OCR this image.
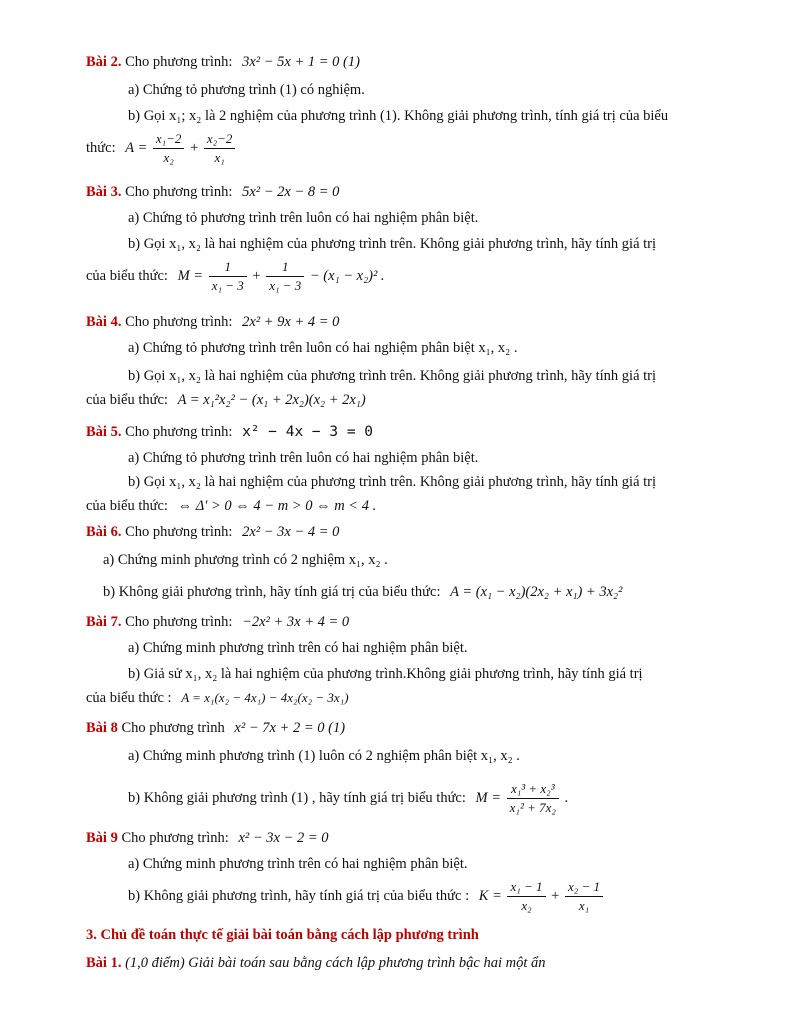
Bài 2. Cho phương trình: 3x² − 5x + 1 = 0 (1)
a) Chứng tỏ phương trình (1) có nghiệm.
b) Gọi x₁; x₂ là 2 nghiệm của phương trình (1). Không giải phương trình, tính giá trị của biểu
thức: $A = \frac{\text{x₁−2}}{\text{x₂}} + \frac{\text{x₂−2}}{\text{x₁}}$
Bài 3. Cho phương trình: 5x² − 2x − 8 = 0
a) Chứng tỏ phương trình trên luôn có hai nghiệm phân biệt.
b) Gọi x₁, x₂ là hai nghiệm của phương trình trên. Không giải phương trình, hãy tính giá trị
của biểu thức: $M = \frac{1}{\text{x₁ − 3}} + \frac{1}{\text{x₁ − 3}} - (x_1 - x_2)^2$ .
Bài 4. Cho phương trình: 2x² + 9x + 4 = 0
a) Chứng tỏ phương trình trên luôn có hai nghiệm phân biệt x₁, x₂ .
b) Gọi x₁, x₂ là hai nghiệm của phương trình trên. Không giải phương trình, hãy tính giá trị
của biểu thức: A = x₁²x₂² − (x₁ + 2x₂)(x₂ + 2x₁)
Bài 5. Cho phương trình: x² − 4x − 3 = 0
a) Chứng tỏ phương trình trên luôn có hai nghiệm phân biệt.
b) Gọi x₁, x₂ là hai nghiệm của phương trình trên. Không giải phương trình, hãy tính giá trị
của biểu thức: ⇔ Δ′ > 0 ⇔ 4 − m > 0 ⇔ m < 4 .
Bài 6. Cho phương trình: 2x² − 3x − 4 = 0
a) Chứng minh phương trình có 2 nghiệm x₁, x₂ .
b) Không giải phương trình, hãy tính giá trị của biểu thức: A = (x₁ − x₂)(2x₂ + x₁) + 3x₂²
Bài 7. Cho phương trình: −2x² + 3x + 4 = 0
a) Chứng minh phương trình trên có hai nghiệm phân biệt.
b) Giả sử x₁, x₂ là hai nghiệm của phương trình.Không giải phương trình, hãy tính giá trị
của biểu thức : A = x₁(x₂ − 4x₁) − 4x₂(x₂ − 3x₁)
Bài 8 Cho phương trình x² − 7x + 2 = 0 (1)
a) Chứng minh phương trình (1) luôn có 2 nghiệm phân biệt x₁, x₂ .
b) Không giải phương trình (1) , hãy tính giá trị biểu thức: $M = \frac{\text{x₁³ + x₂³}}{\text{x₁² + 7x₂}}$ .
Bài 9 Cho phương trình: x² − 3x − 2 = 0
a) Chứng minh phương trình trên có hai nghiệm phân biệt.
b) Không giải phương trình, hãy tính giá trị của biểu thức : $K = \frac{\text{x₁ − 1}}{\text{x₂}} + \frac{\text{x₂ − 1}}{\text{x₁}}$
3. Chủ đề toán thực tế giải bài toán bằng cách lập phương trình
Bài 1. (1,0 điểm) Giải bài toán sau bằng cách lập phương trình bậc hai một ẩn
